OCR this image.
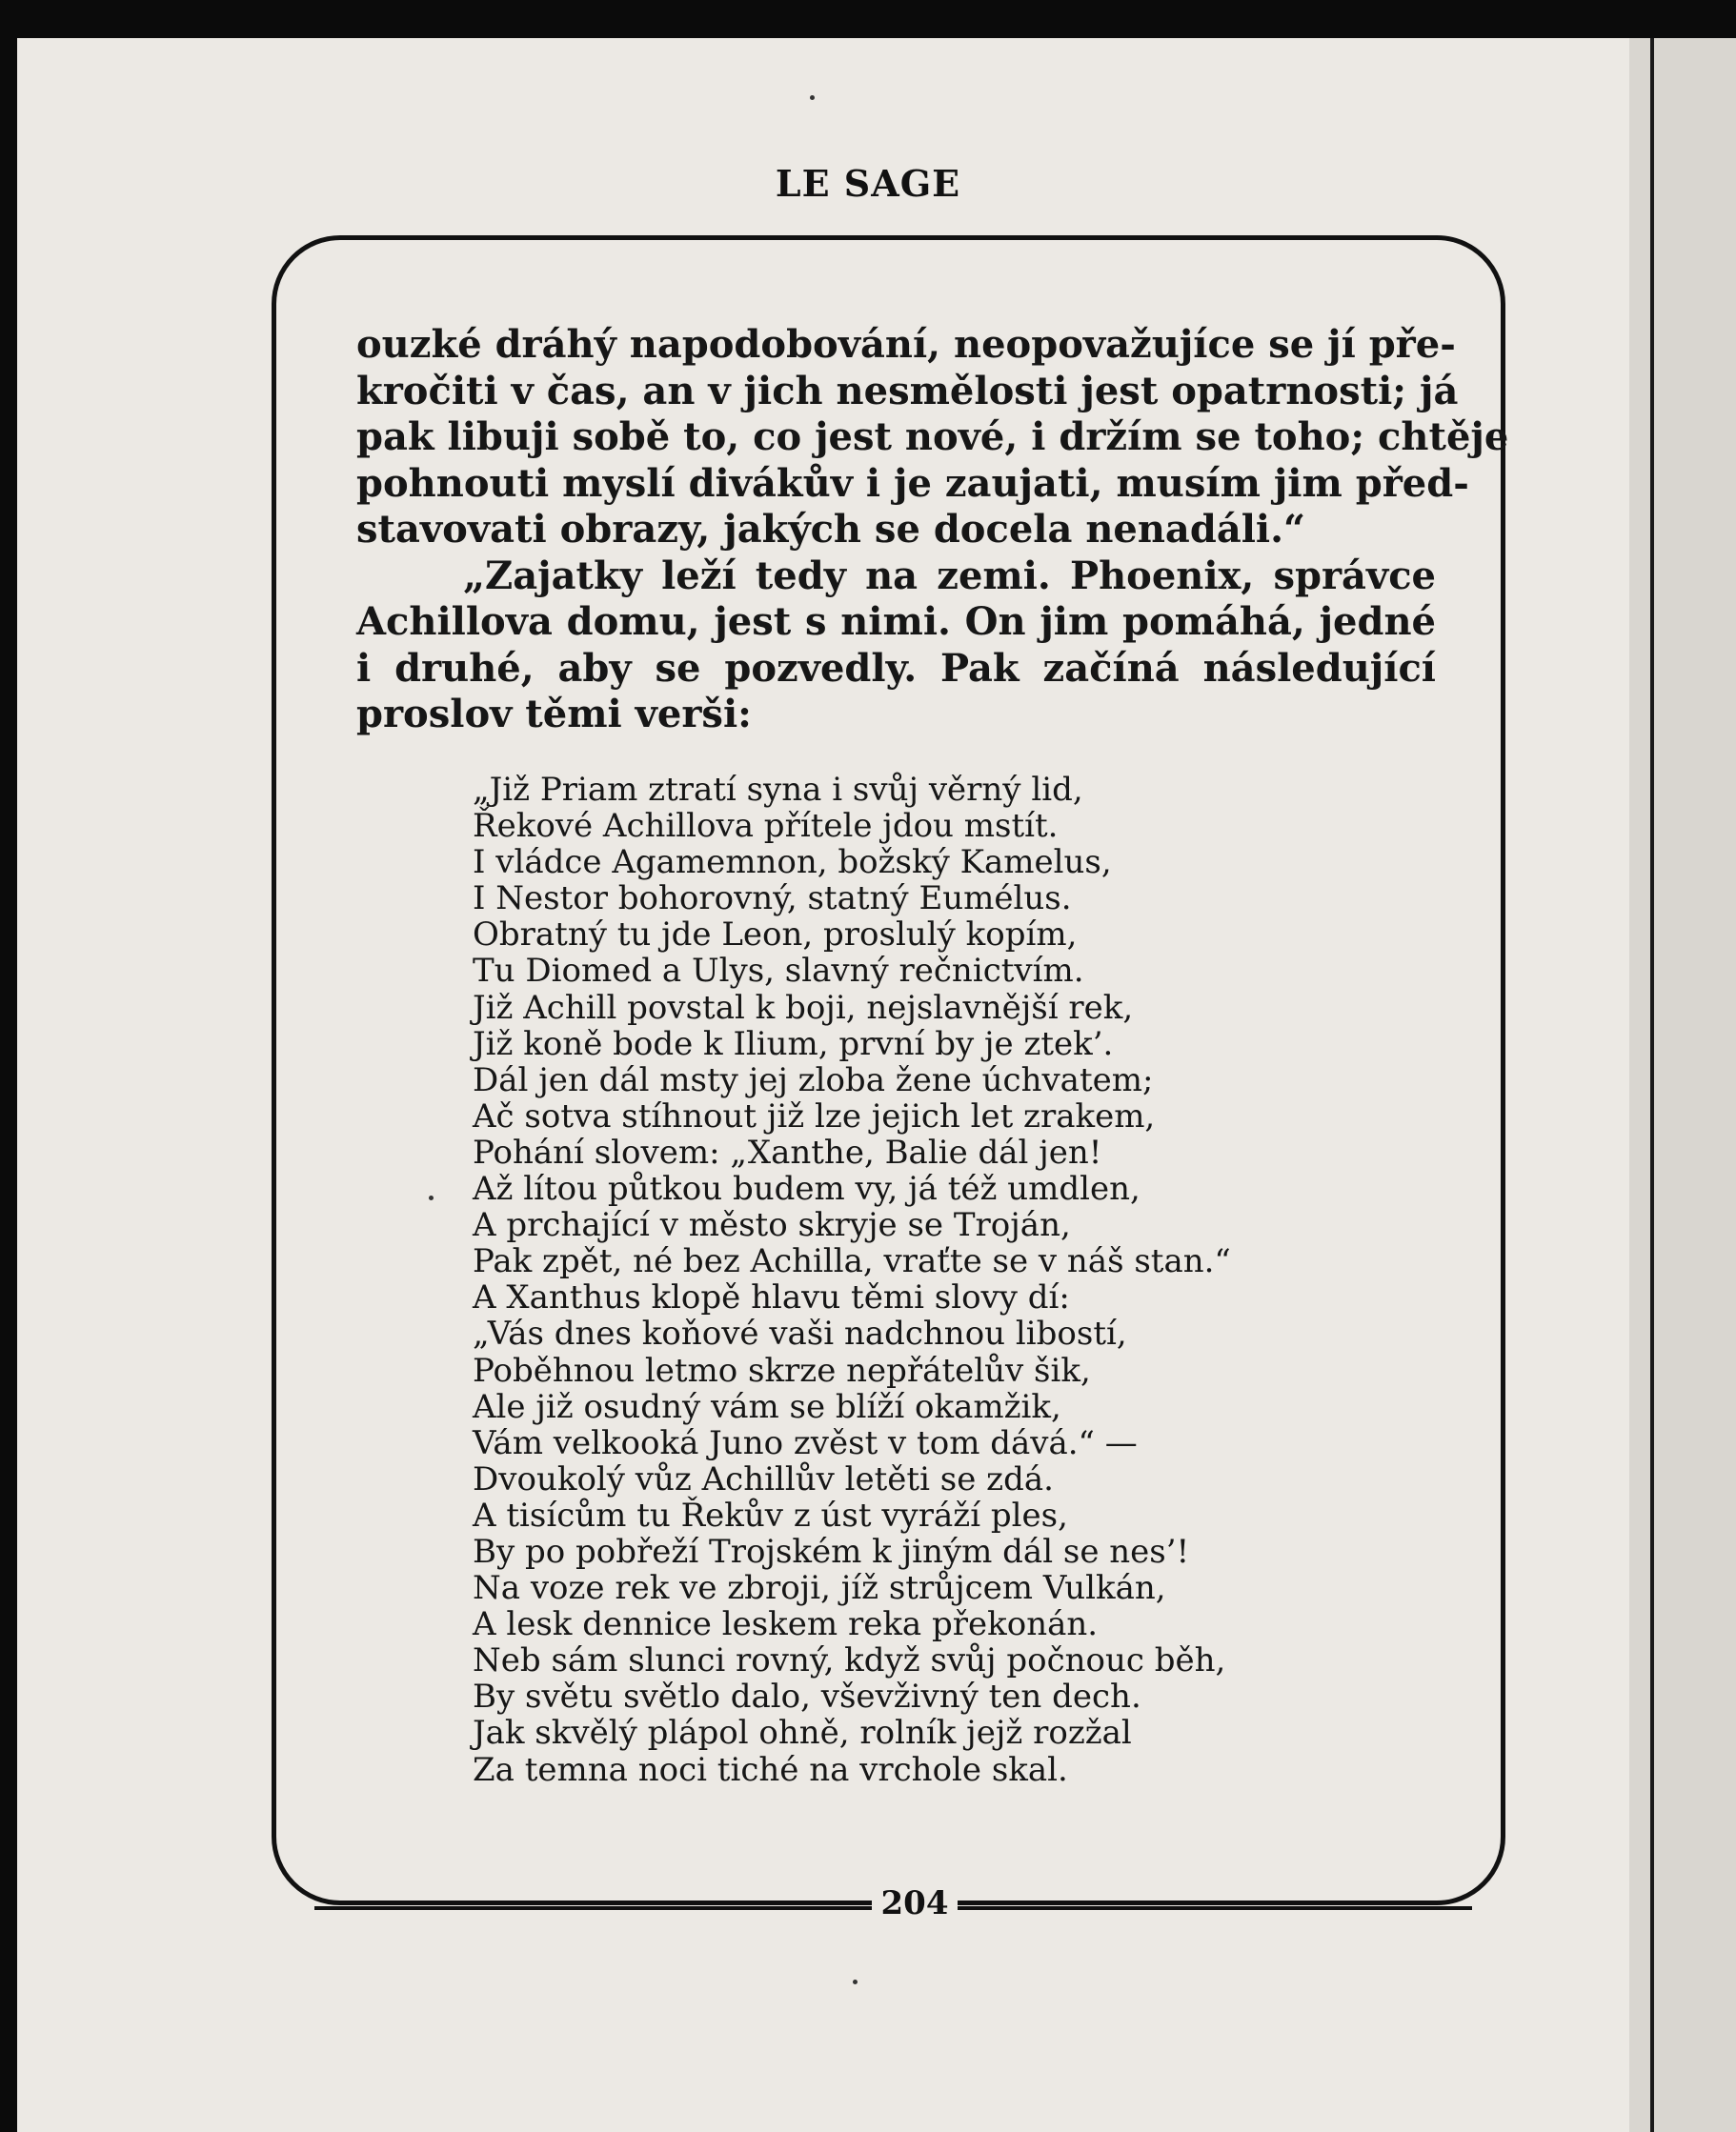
LE SAGE
ouzké dráhý napodobování, neopovažujíce se jí pře-
kročiti v čas, an v jich nesmělosti jest opatrnosti; já
pak libuji sobě to, co jest nové, i držím se toho; chtěje
pohnouti myslí divákův i je zaujati, musím jim před-
stavovati obrazy, jakých se docela nenadáli.“
„Zajatky leží tedy na zemi. Phoenix, správce
Achillova domu, jest s nimi. On jim pomáhá, jedné
i druhé, aby se pozvedly. Pak začíná následující
proslov těmi verši:
„Již Priam ztratí syna i svůj věrný lid,
Řekové Achillova přítele jdou mstít.
I vládce Agamemnon, božský Kamelus,
I Nestor bohorovný, statný Eumélus.
Obratný tu jde Leon, proslulý kopím,
Tu Diomed a Ulys, slavný rečnictvím.
Již Achill povstal k boji, nejslavnější rek,
Již koně bode k Ilium, první by je ztek’.
Dál jen dál msty jej zloba žene úchvatem;
Ač sotva stíhnout již lze jejich let zrakem,
Pohání slovem: „Xanthe, Balie dál jen!
Až lítou půtkou budem vy, já též umdlen,
A prchající v město skryje se Troján,
Pak zpět, né bez Achilla, vraťte se v náš stan.“
A Xanthus klopě hlavu těmi slovy dí:
„Vás dnes koňové vaši nadchnou libostí,
Poběhnou letmo skrze nepřátelův šik,
Ale již osudný vám se blíží okamžik,
Vám velkooká Juno zvěst v tom dává.“ —
Dvoukolý vůz Achillův letěti se zdá.
A tisícům tu Řekův z úst vyráží ples,
By po pobřeží Trojském k jiným dál se nes’!
Na voze rek ve zbroji, jíž strůjcem Vulkán,
A lesk dennice leskem reka překonán.
Neb sám slunci rovný, když svůj počnouc běh,
By světu světlo dalo, vševživný ten dech.
Jak skvělý plápol ohně, rolník jejž rozžal
Za temna noci tiché na vrchole skal.
204
